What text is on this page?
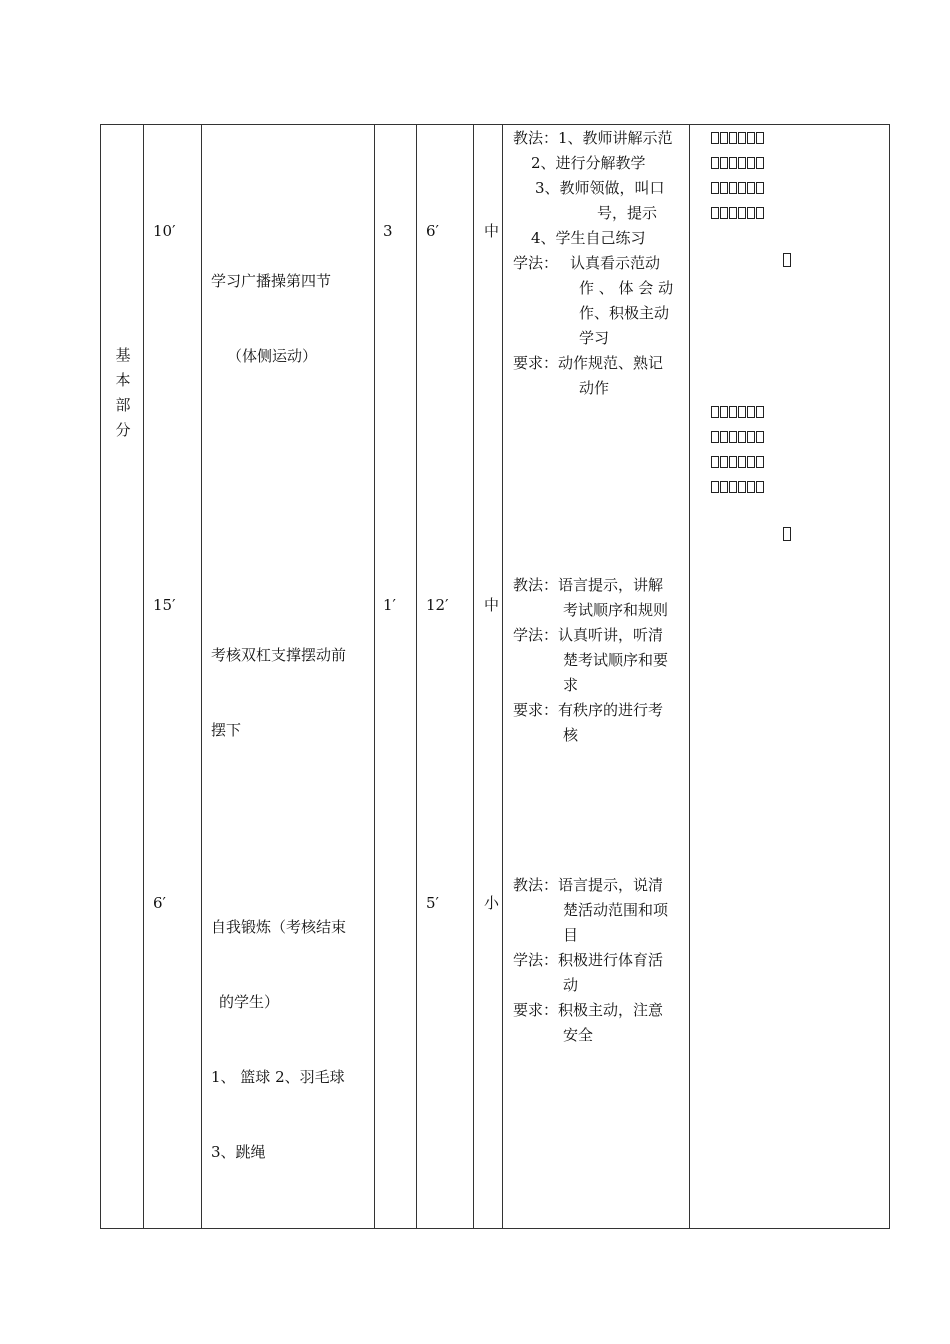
基
本
部
分
10′

学习广播操第四节

（体侧运动）

3 6′	中
教法： 1、教师讲解示范
2、进行分解教学
3、教师领做，叫口
号，提示
4、学生自己练习
学法： 认真看示范动
作 、 体 会 动
作、积极主动
学习
要求： 动作规范、熟记
动作
15′

考核双杠支撑摆动前

摆下

1′ 12′ 中
教法： 语言提示，讲解
考试顺序和规则
学法： 认真听讲，听清
楚考试顺序和要
求
要求： 有秩序的进行考
核
6′

自我锻炼（考核结束

的学生）

1、 篮球 2、羽毛球

3、跳绳

5′	小
教法： 语言提示，说清
楚活动范围和项
目
学法： 积极进行体育活
动
要求： 积极主动，注意
安全
